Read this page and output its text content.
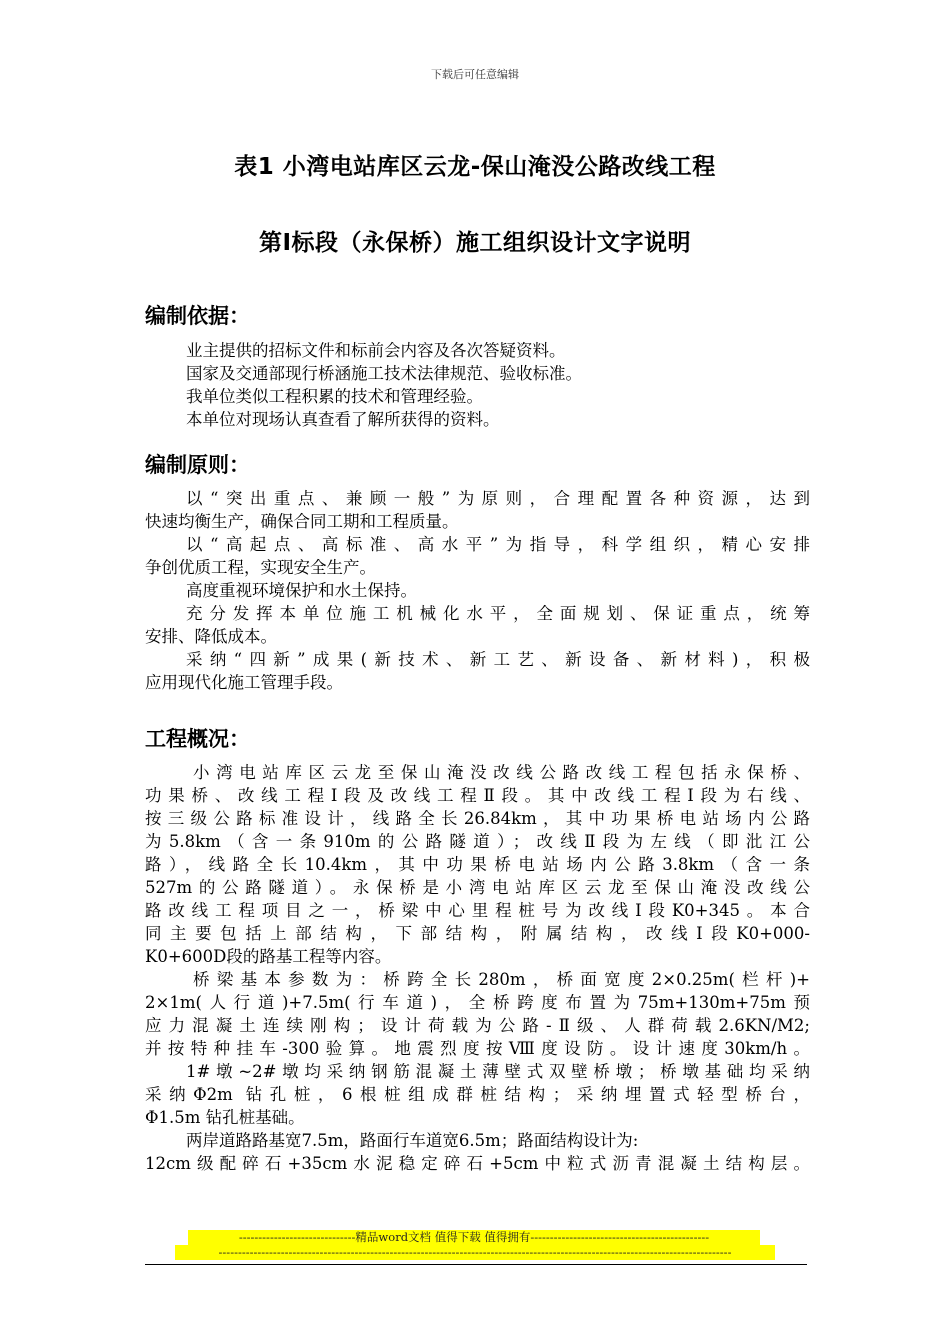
下载后可任意编辑
表1 小湾电站库区云龙-保山淹没公路改线工程
第Ⅰ标段（永保桥）施工组织设计文字说明
编制依据：
业主提供的招标文件和标前会内容及各次答疑资料。
国家及交通部现行桥涵施工技术法律规范、验收标准。
我单位类似工程积累的技术和管理经验。
本单位对现场认真查看了解所获得的资料。
编制原则：
以“突出重点、兼顾一般”为原则，合理配置各种资源，达到
快速均衡生产，确保合同工期和工程质量。
以“高起点、高标准、高水平”为指导，科学组织，精心安排
争创优质工程，实现安全生产。
高度重视环境保护和水土保持。
充分发挥本单位施工机械化水平，全面规划、保证重点，统筹
安排、降低成本。
采纳“四新”成果(新技术、新工艺、新设备、新材料)，积极
应用现代化施工管理手段。
工程概况：
小湾电站库区云龙至保山淹没改线公路改线工程包括永保桥、
功果桥、改线工程Ⅰ段及改线工程Ⅱ段。其中改线工程Ⅰ段为右线、
按三级公路标准设计，线路全长26.84km，其中功果桥电站场内公路
为5.8km（含一条910m的公路隧道）；改线Ⅱ段为左线（即沘江公
路），线路全长10.4km，其中功果桥电站场内公路3.8km（含一条
527m的公路隧道）。永保桥是小湾电站库区云龙至保山淹没改线公
路改线工程项目之一，桥梁中心里程桩号为改线Ⅰ段K0+345。本合
同主要包括上部结构，下部结构，附属结构，改线Ⅰ段K0+000-
K0+600D段的路基工程等内容。
桥梁基本参数为：桥跨全长280m，桥面宽度2×0.25m(栏杆)+
2×1m(人行道)+7.5m(行车道)，全桥跨度布置为75m+130m+75m预
应力混凝土连续刚构；设计荷载为公路-Ⅱ级、人群荷载2.6KN/M2;
并按特种挂车-300验算。地震烈度按Ⅷ度设防。设计速度30km/h。
1#墩~2#墩均采纳钢筋混凝土薄壁式双壁桥墩；桥墩基础均采纳
采纳Φ2m 钻孔桩，6根桩组成群桩结构；采纳埋置式轻型桥台，
Φ1.5m 钻孔桩基础。
两岸道路路基宽7.5m，路面行车道宽6.5m；路面结构设计为:
12cm级配碎石+35cm水泥稳定碎石+5cm中粒式沥青混凝土结构层。
------------------------------精品word文档 值得下载 值得拥有----------------------------------------------
------------------------------------------------------------------------------------------------------------------------------------
